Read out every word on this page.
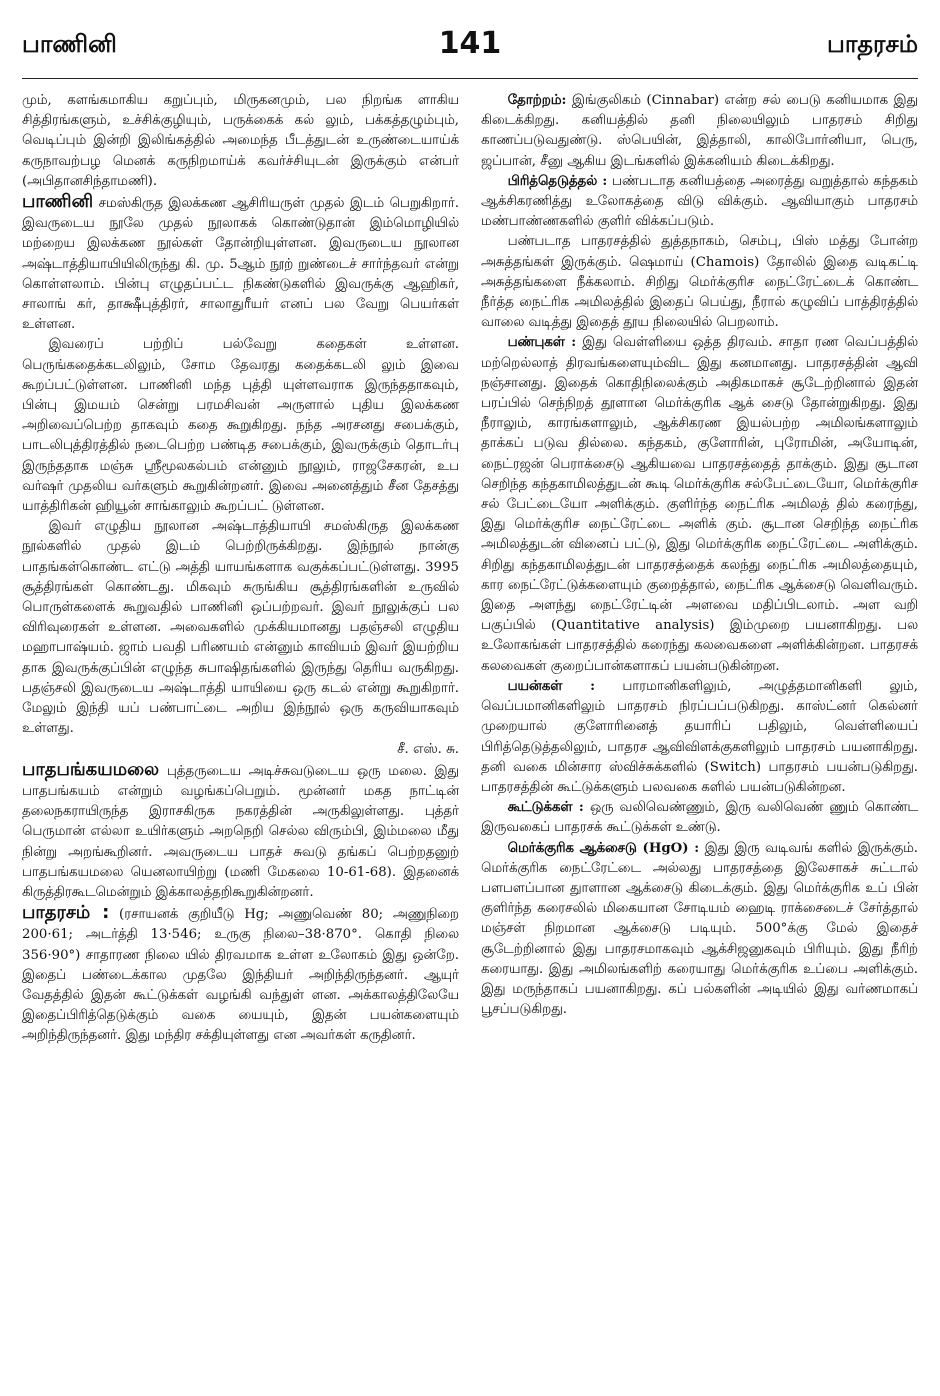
பாணினி	141	பாதரசம்

மும், களங்கமாகிய கறுப்பும், மிருகனமும், பல நிறங்க ளாகிய சித்திரங்களும், உச்சிக்குழியும், பருக்கைக் கல் லும், பக்கத்தழும்பும், வெடிப்பும் இன்றி இலிங்கத்தில் அமைந்த பீடத்துடன் உருண்டையாய்க் கருநாவற்பழ மெனக் கருநிறமாய்க் கவர்ச்சியுடன் இருக்கும் என்பர் (அபிதானசிந்தாமணி).

பாணினி சமஸ்கிருத இலக்கண ஆசிரியருள் முதல் இடம் பெறுகிறார். இவருடைய நூலே முதல் நூலாகக் கொண்டுதான் இம்மொழியில் மற்றைய இலக்கண நூல்கள் தோன்றியுள்ளன. இவருடைய நூலான அஷ்டாத்தியாயியிலிருந்து கி. மு. 5ஆம் நூற் றுண்டைச் சார்ந்தவர் என்று கொள்ளலாம். பின்பு எழுதப்பட்ட நிகண்டுகளில் இவருக்கு ஆஹிகர், சாலாங் கர், தாக்ஷீபுத்திரர், சாலாதுரீயர் எனப் பல வேறு பெயர்கள் உள்ளன.

இவரைப் பற்றிப் பல்வேறு கதைகள் உள்ளன. பெருங்கதைக்கடலிலும், சோம தேவரது கதைக்கடலி லும் இவை கூறப்பட்டுள்ளன. பாணினி மந்த புத்தி யுள்ளவராக இருந்ததாகவும், பின்பு இமயம் சென்று பரமசிவன் அருளால் புதிய இலக்கண அறிவைப்பெற்ற தாகவும் கதை கூறுகிறது. நந்த அரசனது சபைக்கும், பாடலிபுத்திரத்தில் நடைபெற்ற பண்டித சபைக்கும், இவருக்கும் தொடர்பு இருந்ததாக மஞ்சு ஸ்ரீமூலகல்பம் என்னும் நூலும், ராஜசேகரன், உப வர்ஷர் முதலிய வர்களும் கூறுகின்றனர். இவை அனைத்தும் சீன தேசத்து யாத்திரிகன் ஹியூன் சாங்காலும் கூறப்பட் டுள்ளன.

இவர் எழுதிய நூலான அஷ்டாத்தியாயி சமஸ்கிருத இலக்கண நூல்களில் முதல் இடம் பெற்றிருக்கிறது. இந்நூல் நான்கு பாதங்கள்கொண்ட எட்டு அத்தி யாயங்களாக வகுக்கப்பட்டுள்ளது. 3995 சூத்திரங்கள் கொண்டது. மிகவும் சுருங்கிய சூத்திரங்களின் உருவில் பொருள்களைக் கூறுவதில் பாணினி ஒப்பற்றவர். இவர் நூலுக்குப் பல விரிவுரைகள் உள்ளன. அவைகளில் முக்கியமானது பதஞ்சலி எழுதிய மஹாபாஷ்யம். ஜாம் பவதி பரிணயம் என்னும் காவியம் இவர் இயற்றிய தாக இவருக்குப்பின் எழுந்த சுபாஷிதங்களில் இருந்து தெரிய வருகிறது. பதஞ்சலி இவருடைய அஷ்டாத்தி யாயியை ஒரு கடல் என்று கூறுகிறார். மேலும் இந்தி யப் பண்பாட்டை அறிய இந்நூல் ஒரு கருவியாகவும் உள்ளது.

சீ. எஸ். சு.

பாதபங்கயமலை புத்தருடைய அடிச்சுவடுடைய ஒரு மலை. இது பாதபங்கயம் என்றும் வழங்கப்பெறும். மூன்னர் மகத நாட்டின் தலைநகராயிருந்த இராசகிருக நகரத்தின் அருகிலுள்ளது. புத்தர் பெருமான் எல்லா உயிர்களும் அறநெறி செல்ல விரும்பி, இம்மலை மீது நின்று அறங்கூறினர். அவருடைய பாதச் சுவடு தங்கப் பெற்றதனுற் பாதபங்கயமலை யெனலாயிற்று (மணி மேகலை 10-61-68). இதனைக் கிருத்திரகூடமென்றும் இக்காலத்தறிகூறுகின்றனர்.

பாதரசம் : (ரசாயனக் குறியீடு Hg; அணுவெண் 80; அணுநிறை 200·61; அடர்த்தி 13·546; உருகு நிலை–38·870°. கொதி நிலை 356·90°) சாதாரண நிலை யில் திரவமாக உள்ள உலோகம் இது ஒன்றே. இதைப் பண்டைக்கால முதலே இந்தியர் அறிந்திருந்தனர். ஆயுர் வேதத்தில் இதன் கூட்டுக்கள் வழங்கி வந்துள் ளன. அக்காலத்திலேயே இதைப்பிரித்தெடுக்கும் வகை யையும், இதன் பயன்களையும் அறிந்திருந்தனர். இது மந்திர சக்தியுள்ளது என அவர்கள் கருதினர்.

தோற்றம்: இங்குலிகம் (Cinnabar) என்ற சல் பைடு கனியமாக இது கிடைக்கிறது. கனியத்தில் தனி நிலையிலும் பாதரசம் சிறிது காணப்படுவதுண்டு. ஸ்பெயின், இத்தாலி, காலிபோர்னியா, பெரு, ஜப்பான், சீனு ஆகிய இடங்களில் இக்கனியம் கிடைக்கிறது.

பிரித்தெடுத்தல் : பண்படாத கனியத்தை அரைத்து வறுத்தால் கந்தகம் ஆக்சிகரணித்து உலோகத்தை விடு விக்கும். ஆவியாகும் பாதரசம் மண்பாண்ணகளில் குளிர் விக்கப்படும்.

பண்படாத பாதரசத்தில் துத்தநாகம், செம்பு, பிஸ் மத்து போன்ற அசுத்தங்கள் இருக்கும். ஷெமாய் (Chamois) தோலில் இதை வடிகட்டி அசுத்தங்களை நீக்கலாம். சிறிது மெர்க்குரிச நைட்ரேட்டைக் கொண்ட நீர்த்த நைட்ரிக அமிலத்தில் இதைப் பெய்து, நீரால் கழுவிப் பாத்திரத்தில் வாலை வடித்து இதைத் தூய நிலையில் பெறலாம்.

பண்புகள் : இது வெள்ளியை ஒத்த திரவம். சாதா ரண வெப்பத்தில் மற்றெல்லாத் திரவங்களையும்விட இது கனமானது. பாதரசத்தின் ஆவி நஞ்சானது. இதைக் கொதிநிலைக்கும் அதிகமாகச் சூடேற்றினால் இதன் பரப்பில் செந்நிறத் தூளான மெர்க்குரிக ஆக் சைடு தோன்றுகிறது. இது நீராலும், காரங்களாலும், ஆக்சிகரண இயல்பற்ற அமிலங்களாலும் தாக்கப் படுவ தில்லை. கந்தகம், குளோரின், புரோமின், அயோடின், நைட்ரஜன் பெராக்சைடு ஆகியவை பாதரசத்தைத் தாக்கும். இது சூடான செறிந்த கந்தகாமிலத்துடன் கூடி மெர்க்குரிக சல்பேட்டையோ, மெர்க்குரிச சல் பேட்டையோ அளிக்கும். குளிர்ந்த நைட்ரிக அமிலத் தில் கரைந்து, இது மெர்க்குரிச நைட்ரேட்டை அளிக் கும். சூடான செறிந்த நைட்ரிக அமிலத்துடன் வினைப் பட்டு, இது மெர்க்குரிக நைட்ரேட்டை அளிக்கும். சிறிது கந்தகாமிலத்துடன் பாதரசத்தைக் கலந்து நைட்ரிக அமிலத்தையும், கார நைட்ரேட்டுக்களையும் குறைத்தால், நைட்ரிக ஆக்சைடு வெளிவரும். இதை அளந்து நைட்ரேட்டின் அளவை மதிப்பிடலாம். அள வறி பகுப்பில் (Quantitative analysis) இம்முறை பயனாகிறது. பல உலோகங்கள் பாதரசத்தில் கரைந்து கலவைகளை அளிக்கின்றன. பாதரசக் கலவைகள் குறைப்பான்களாகப் பயன்படுகின்றன.

பயன்கள் : பாரமானிகளிலும், அழுத்தமானிகளி லும், வெப்பமானிகளிலும் பாதரசம் நிரப்பப்படுகிறது. காஸ்ட்னர் கெல்னர் முறையால் குளோரினைத் தயாரிப் பதிலும், வெள்ளியைப் பிரித்தெடுத்தலிலும், பாதரச ஆவிவிளக்குகளிலும் பாதரசம் பயனாகிறது. தனி வகை மின்சார ஸ்விச்சுக்களில் (Switch) பாதரசம் பயன்படுகிறது. பாதரசத்தின் கூட்டுக்களும் பலவகை களில் பயன்படுகின்றன.

கூட்டுக்கள் : ஒரு வலிவெண்ணும், இரு வலிவெண் ணும் கொண்ட இருவகைப் பாதரசக் கூட்டுக்கள் உண்டு.

மெர்க்குரிக ஆக்சைடு (HgO) : இது இரு வடிவங் களில் இருக்கும். மெர்க்குரிக நைட்ரேட்டை அல்லது பாதரசத்தை இலேசாகச் சுட்டால் பளபளப்பான துாளான ஆக்சைடு கிடைக்கும். இது மெர்க்குரிக உப் பின் குளிர்ந்த கரைசலில் மிகையான சோடியம் ஹைடி ராக்சைடைச் சேர்த்தால் மஞ்சள் நிறமான ஆக்சைடு படியும். 500°க்கு மேல் இதைச் சூடேற்றினால் இது பாதரசமாகவும் ஆக்சிஜனுகவும் பிரியும். இது நீரிற் கரையாது. இது அமிலங்களிற் கரையாது மெர்க்குரிக உப்பை அளிக்கும். இது மருந்தாகப் பயனாகிறது. கப் பல்களின் அடியில் இது வர்ணமாகப் பூசப்படுகிறது.
